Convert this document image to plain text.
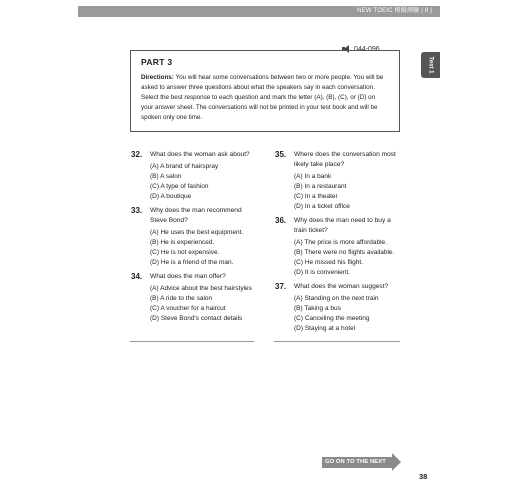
NEW TOEIC 模擬測驗 | 8 |
Test 1
044-096

PART 3

Directions: You will hear some conversations between two or more people. You will be asked to answer three questions about what the speakers say in each conversation. Select the best response to each question and mark the letter (A), (B), (C), or (D) on your answer sheet. The conversations will not be printed in your test book and will be spoken only one time.

32.	What does the woman ask about?
(A) A brand of hairspray
(B) A salon
(C) A type of fashion
(D) A boutique
33.	Why does the man recommend Steve Bond?
(A) He uses the best equipment.
(B) He is experienced.
(C) He is not expensive.
(D) He is a friend of the man.
34.	What does the man offer?
(A) Advice about the best hairstyles
(B) A ride to the salon
(C) A voucher for a haircut
(D) Steve Bond's contact details
35.	Where does the conversation most likely take place?
(A) In a bank
(B) In a restaurant
(C) In a theater
(D) In a ticket office
36.	Why does the man need to buy a train ticket?
(A) The price is more affordable.
(B) There were no flights available.
(C) He missed his flight.
(D) It is convenient.
37.	What does the woman suggest?
(A) Standing on the next train
(B) Taking a bus
(C) Canceling the meeting
(D) Staying at a hotel
GO ON TO THE NEXT PAGE	38
